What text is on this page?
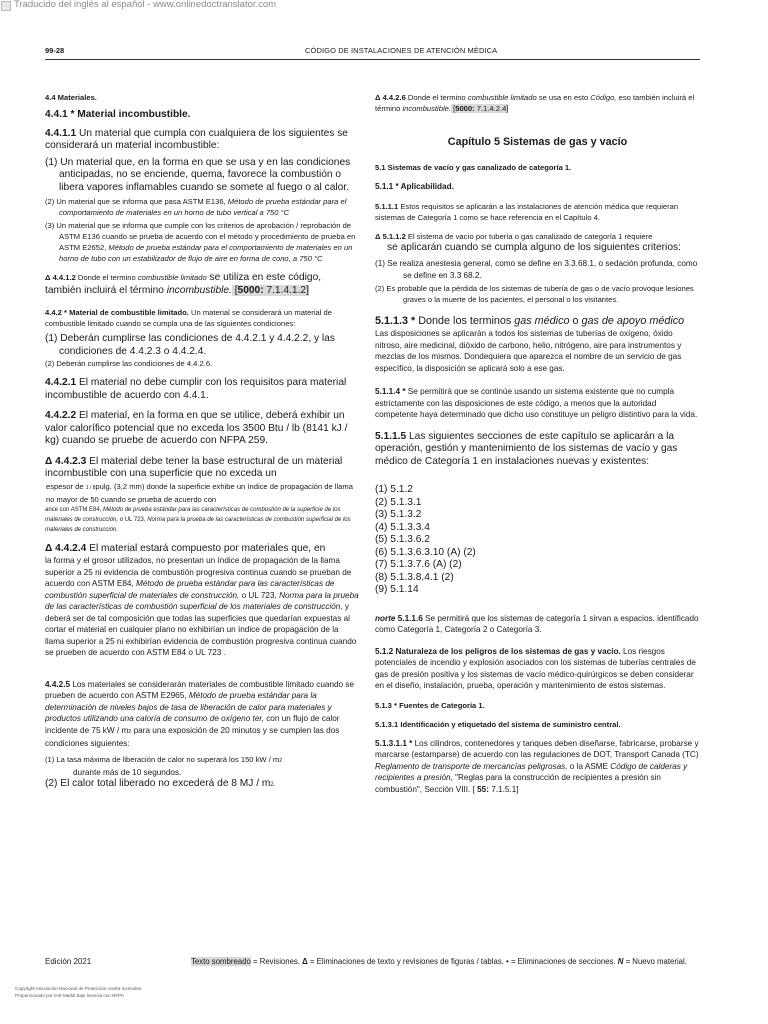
Traducido del inglés al español - www.onlinedoctranslator.com
99-28	CÓDIGO DE INSTALACIONES DE ATENCIÓN MÉDICA

4.4 Materiales.

4.4.1 * Material incombustible.

4.4.1.1 Un material que cumpla con cualquiera de los siguientes se considerará un material incombustible:

(1) Un material que, en la forma en que se usa y en las condiciones anticipadas, no se enciende, quema, favorece la combustión o libera vapores inflamables cuando se somete al fuego o al calor.

(2) Un material que se informa que pasa ASTM E136, Método de prueba estándar para el comportamiento de materiales en un horno de tubo vertical a 750 °C

(3) Un material que se informa que cumple con los criterios de aprobación / reprobación de ASTM E136 cuando se prueba de acuerdo con el método y procedimiento de prueba en ASTM E2652, Método de prueba estándar para el comportamiento de materiales en un horno de tubo con un estabilizador de flujo de aire en forma de cono, a 750 °C

Δ 4.4.1.2 Donde el termino combustible limitado se utiliza en este código, también incluirá el término incombustible. [5000: 7.1.4.1.2]

4.4.2 * Material de combustible limitado. Un material se considerará un material de combustible limitado cuando se cumpla una de las siguientes condiciones:

(1) Deberán cumplirse las condiciones de 4.4.2.1 y 4.4.2.2, y las condiciones de 4.4.2.3 o 4.4.2.4.

(2) Deberán cumplirse las condiciones de 4.4.2.6.

4.4.2.1 El material no debe cumplir con los requisitos para material incombustible de acuerdo con 4.4.1.

4.4.2.2 El material, en la forma en que se utilice, deberá exhibir un valor calorífico potencial que no exceda los 3500 Btu / lb (8141 kJ / kg) cuando se pruebe de acuerdo con NFPA 259.

Δ 4.4.2.3 El material debe tener la base estructural de un material incombustible con una superficie que no exceda un

espesor de 1 / 8pulg. (3,2 mm) donde la superficie exhibe un índice de propagación de llama no mayor de 50 cuando se prueba de acuerdo con

ance con ASTM E84, Método de prueba estándar para las características de combustión de la superficie de los materiales de construcción, o UL 723, Norma para la prueba de las características de combustión superficial de los materiales de construcción.

Δ 4.4.2.4 El material estará compuesto por materiales que, en

la forma y el grosor utilizados, no presentan un índice de propagación de la llama superior a 25 ni evidencia de combustión progresiva continua cuando se prueban de acuerdo con ASTM E84, Método de prueba estándar para las características de combustión superficial de materiales de construcción, o UL 723, Norma para la prueba de las características de combustión superficial de los materiales de construcción, y deberá ser de tal composición que todas las superficies que quedarían expuestas al cortar el material en cualquier plano no exhibirían un índice de propagación de la llama superior a 25 ni exhibirían evidencia de combustión progresiva continua cuando se prueben de acuerdo con ASTM E84 o UL 723 .

4.4.2.5 Los materiales se considerarán materiales de combustible limitado cuando se prueben de acuerdo con ASTM E2965, Método de prueba estándar para la determinación de niveles bajos de tasa de liberación de calor para materiales y productos utilizando una caloría de consumo de oxígeno ter, con un flujo de calor incidente de 75 kW / m2 para una exposición de 20 minutos y se cumplen las dos condiciones siguientes:

(1) La tasa máxima de liberación de calor no superará los 150 kW / m2

durante más de 10 segundos.

(2) El calor total liberado no excederá de 8 MJ / m2.

Δ 4.4.2.6 Donde el termino combustible limitado se usa en esto Código, eso también incluirá el término incombustible. [5000: 7.1.4.2.4]

Capítulo 5 Sistemas de gas y vacío

5.1 Sistemas de vacío y gas canalizado de categoría 1.

5.1.1 * Aplicabilidad.

5.1.1.1 Estos requisitos se aplicarán a las instalaciones de atención médica que requieran sistemas de Categoría 1 como se hace referencia en el Capítulo 4.

Δ 5.1.1.2 El sistema de vacío por tubería o gas canalizado de categoría 1 requiere

se aplicarán cuando se cumpla alguno de los siguientes criterios:

(1) Se realiza anestesia general, como se define en 3.3.68.1, o sedación profunda, como se define en 3.3 68.2.

(2) Es probable que la pérdida de los sistemas de tubería de gas o de vacío provoque lesiones graves o la muerte de los pacientes, el personal o los visitantes.

5.1.1.3 * Donde los terminos gas médico o gas de apoyo médico

Las disposiciones se aplicarán a todos los sistemas de tuberías de oxígeno, óxido nitroso, aire medicinal, dióxido de carbono, helio, nitrógeno, aire para instrumentos y mezclas de los mismos. Dondequiera que aparezca el nombre de un servicio de gas específico, la disposición se aplicará solo a ese gas.

5.1.1.4 * Se permitirá que se continúe usando un sistema existente que no cumpla estrictamente con las disposiciones de este código, a menos que la autoridad competente haya determinado que dicho uso constituye un peligro distintivo para la vida.

5.1.1.5 Las siguientes secciones de este capítulo se aplicarán a la operación, gestión y mantenimiento de los sistemas de vacío y gas médico de Categoría 1 en instalaciones nuevas y existentes:

(1) 5.1.2

(2) 5.1.3.1

(3) 5.1.3.2

(4) 5.1.3.3.4

(5) 5.1.3.6.2

(6) 5.1.3.6.3.10 (A) (2)

(7) 5.1.3.7.6 (A) (2)

(8) 5.1.3.8.4.1 (2)

(9) 5.1.14

norte 5.1.1.6 Se permitirá que los sistemas de categoría 1 sirvan a espacios. identificado como Categoría 1, Categoría 2 o Categoría 3.

5.1.2 Naturaleza de los peligros de los sistemas de gas y vacío. Los riesgos potenciales de incendio y explosión asociados con los sistemas de tuberías centrales de gas de presión positiva y los sistemas de vacío médico-quirúrgicos se deben considerar en el diseño, instalación, prueba, operación y mantenimiento de estos sistemas.

5.1.3 * Fuentes de Categoría 1.

5.1.3.1 Identificación y etiquetado del sistema de suministro central.

5.1.3.1.1 * Los cilindros, contenedores y tanques deben diseñarse, fabricarse, probarse y marcarse (estamparse) de acuerdo con las regulaciones de DOT, Transport Canada (TC) Reglamento de transporte de mercancías peligrosas, o la ASME Código de calderas y recipientes a presión, "Reglas para la construcción de recipientes a presión sin combustión", Sección VIII. [ 55: 7.1.5.1]

Edición 2021	Texto sombreado = Revisiones. Δ = Eliminaciones de texto y revisiones de figuras / tablas. • = Eliminaciones de secciones. N = Nuevo material.
Copyright Asociación Nacional de Protección contra Incendios
Proporcionado por IHS Markit bajo licencia con NFPA
